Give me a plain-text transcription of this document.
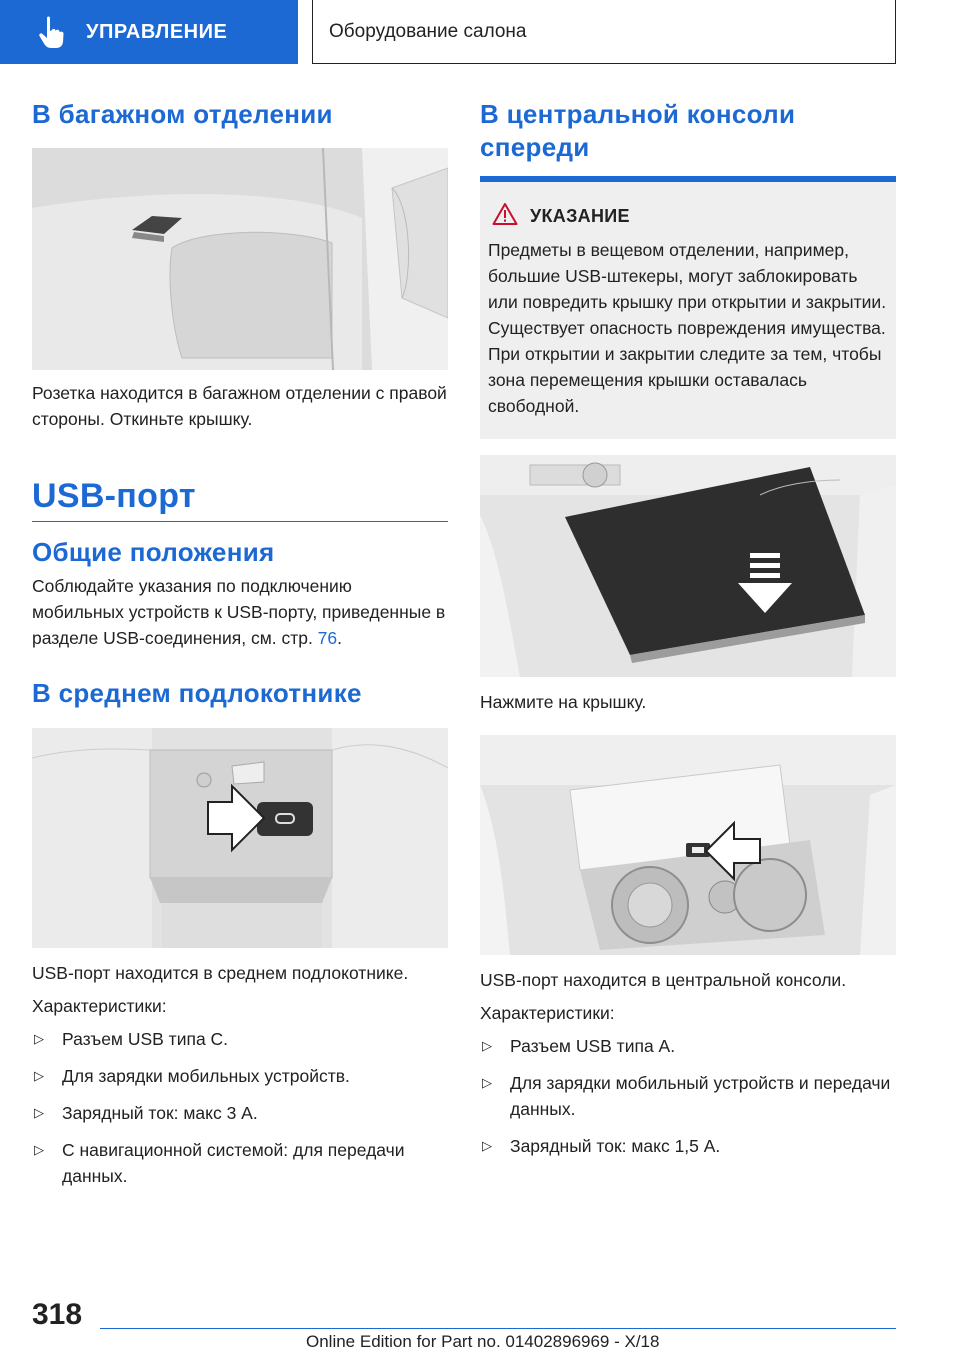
УПРАВЛЕНИЕ	Оборудование салона
В багажном отделении

Розетка находится в багажном отделении с правой стороны. Откиньте крышку.

USB-порт
Общие положения

Соблюдайте указания по подключению мобильных устройств к USB-порту, приведенные в разделе USB-соединения, см. стр. 76.

В среднем подлокотнике

USB-порт находится в среднем подлокотнике.

Характеристики:

▷ Разъем USB типа C.
▷ Для зарядки мобильных устройств.
▷ Зарядный ток: макс 3 A.
▷ С навигационной системой: для передачи данных.
В центральной консоли спереди
УКАЗАНИЕ

Предметы в вещевом отделении, например, большие USB-штекеры, могут заблокировать или повредить крышку при открытии и закрытии. Существует опасность повреждения имущества. При открытии и закрытии следите за тем, чтобы зона перемещения крышки оставалась свободной.

Нажмите на крышку.

USB-порт находится в центральной консоли.

Характеристики:

▷ Разъем USB типа A.
▷ Для зарядки мобильный устройств и передачи данных.
▷ Зарядный ток: макс 1,5 A.
318
Online Edition for Part no. 01402896969 - X/18
